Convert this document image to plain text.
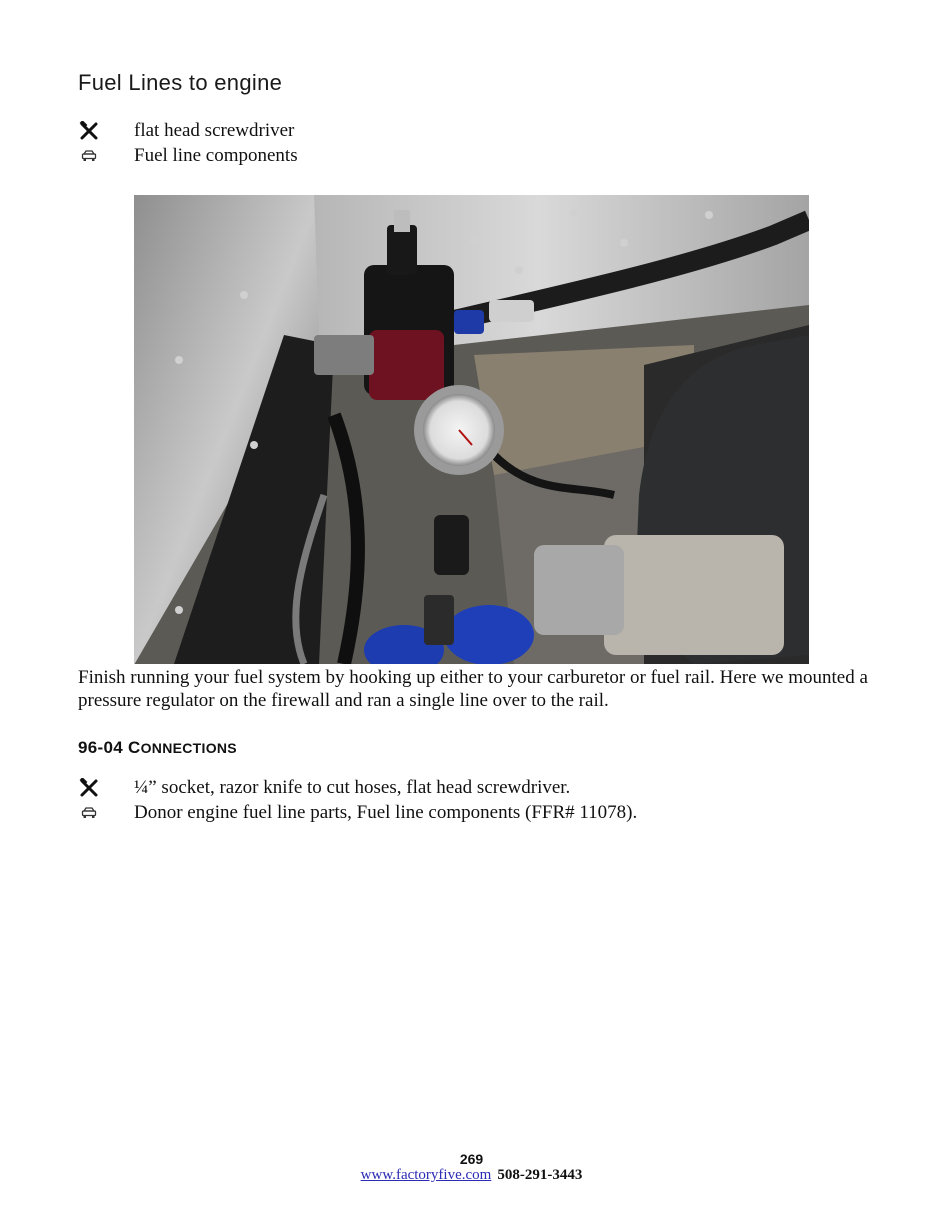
Fuel Lines to engine
flat head screwdriver
Fuel line components
Finish running your fuel system by hooking up either to your carburetor or fuel rail. Here we mounted a pressure regulator on the firewall and ran a single line over to the rail.
96-04 CONNECTIONS
¼” socket, razor knife to cut hoses, flat head screwdriver.
Donor engine fuel line parts, Fuel line components (FFR# 11078).
269
www.factoryfive.com 508-291-3443
